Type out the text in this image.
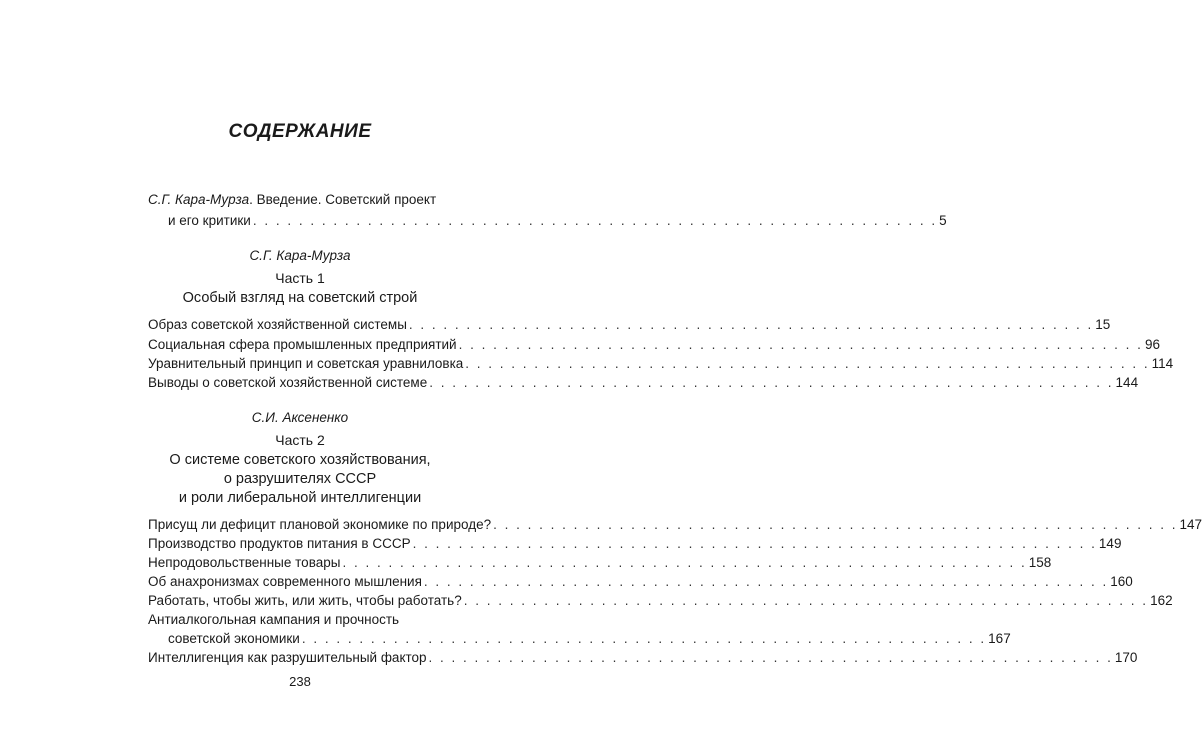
СОДЕРЖАНИЕ
С.Г. Кара-Мурза. Введение. Советский проект
и его критики . . .	5
С.Г. Кара-Мурза
Часть 1
Особый взгляд на советский строй
Образ советской хозяйственной системы . . .	15
Социальная сфера промышленных предприятий . . .	96
Уравнительный принцип и советская уравниловка . . .	114
Выводы о советской хозяйственной системе . . .	144
С.И. Аксененко
Часть 2
О системе советского хозяйствования,
о разрушителях СССР
и роли либеральной интеллигенции
Присущ ли дефицит плановой экономике по природе? . . .	147
Производство продуктов питания в СССР . . .	149
Непродовольственные товары . . .	158
Об анахронизмах современного мышления . . .	160
Работать, чтобы жить, или жить, чтобы работать? . . .	162
Антиалкогольная кампания и прочность
советской экономики . . .	167
Интеллигенция как разрушительный фактор . . .	170
238
